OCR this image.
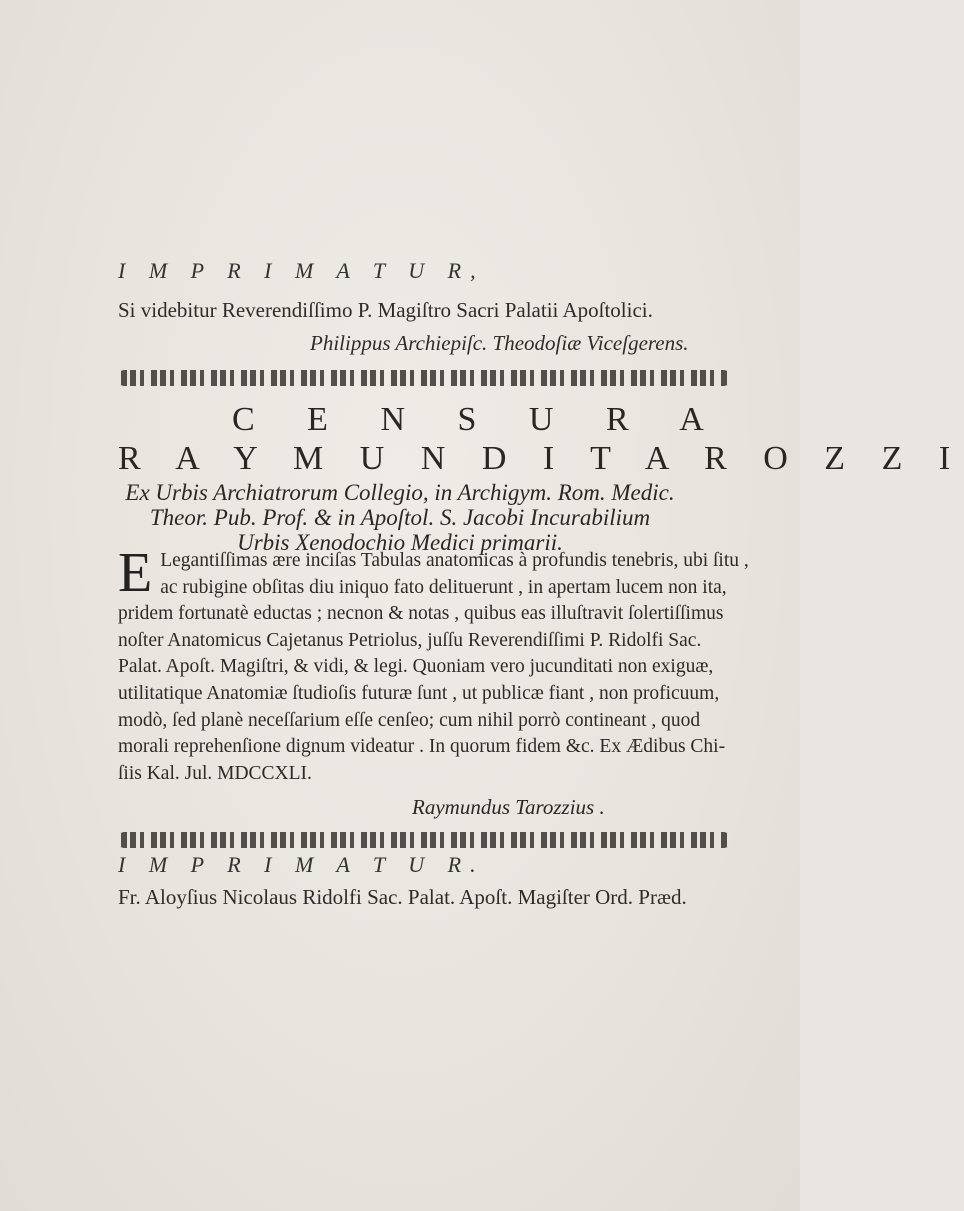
I M P R I M A T U R,
Si videbitur Reverendiſſimo P. Magiſtro Sacri Palatii Apoſtolici.
Philippus Archiepiſc. Theodoſiæ Viceſgerens.
C E N S U R A
R A Y M U N D I T A R O Z Z I
Ex Urbis Archiatrorum Collegio, in Archigym. Rom. Medic.
Theor. Pub. Prof. & in Apoſtol. S. Jacobi Incurabilium
Urbis Xenodochio Medici primarii.
E Legantiſſimas ære inciſas Tabulas anatomicas à profundis tenebris, ubi ſitu ,
ac rubigine obſitas diu iniquo fato delituerunt , in apertam lucem non ita,
pridem fortunatè eductas ; necnon & notas , quibus eas illuſtravit ſolertiſſimus
noſter Anatomicus Cajetanus Petriolus, juſſu Reverendiſſimi P. Ridolfi Sac.
Palat. Apoſt. Magiſtri, & vidi, & legi. Quoniam vero jucunditati non exiguæ,
utilitatique Anatomiæ ſtudioſis futuræ ſunt , ut publicæ fiant , non proficuum,
modò, ſed planè neceſſarium eſſe cenſeo; cum nihil porrò contineant , quod
morali reprehenſione dignum videatur . In quorum fidem &c. Ex Ædibus Chi-
ſiis Kal. Jul. MDCCXLI.
Raymundus Tarozzius .
I M P R I M A T U R.
Fr. Aloyſius Nicolaus Ridolfi Sac. Palat. Apoſt. Magiſter Ord. Præd.
